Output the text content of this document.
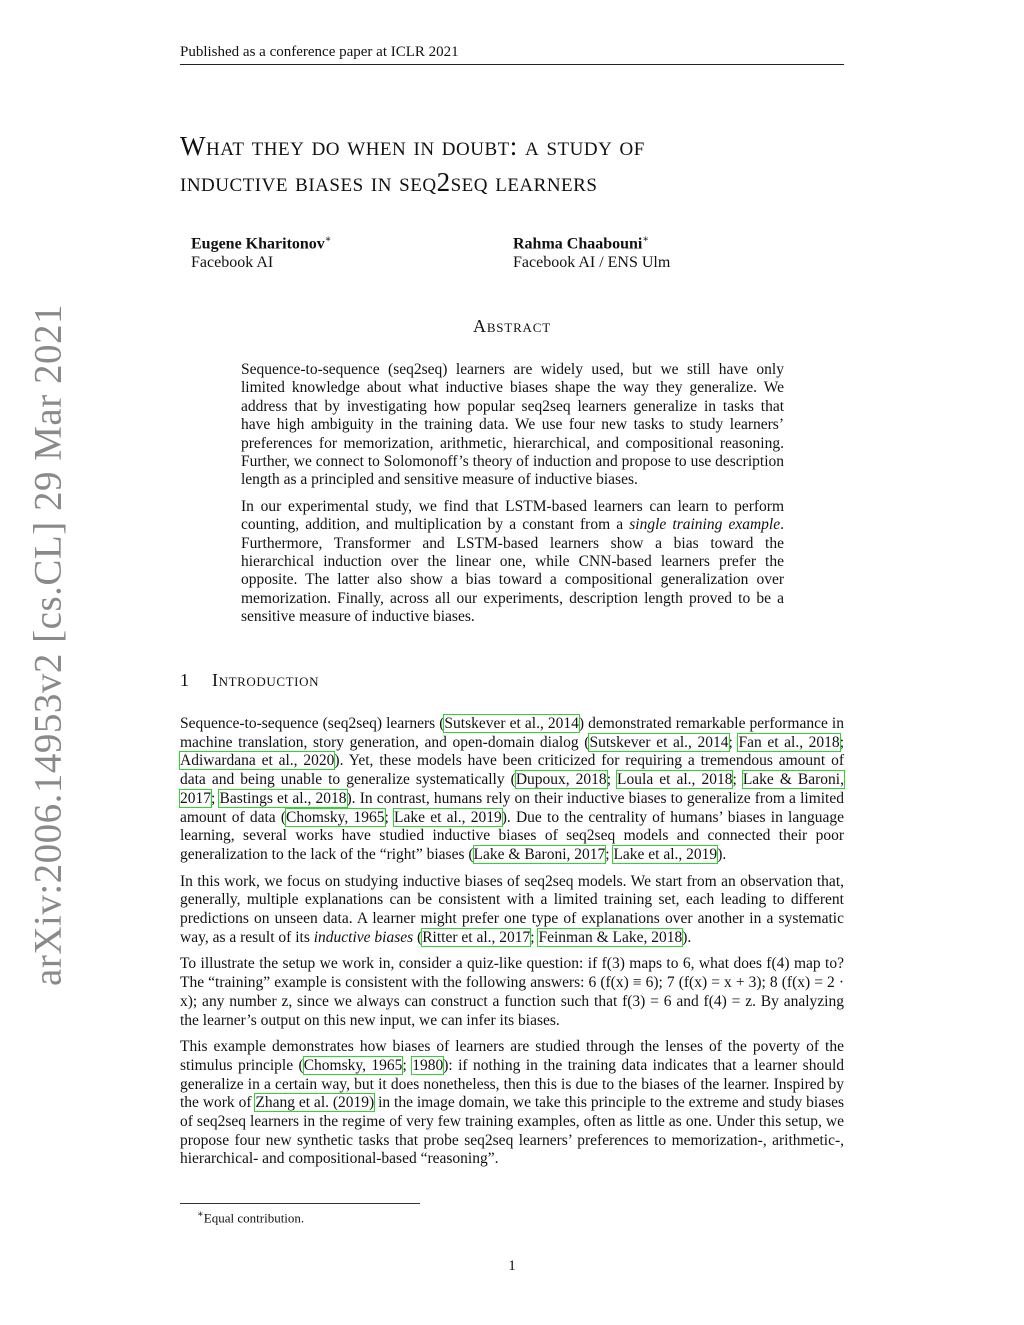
Published as a conference paper at ICLR 2021
arXiv:2006.14953v2 [cs.CL] 29 Mar 2021
What they do when in doubt: a study of
inductive biases in seq2seq learners
Eugene Kharitonov∗
Facebook AI
Rahma Chaabouni∗
Facebook AI / ENS Ulm
Abstract

Sequence-to-sequence (seq2seq) learners are widely used, but we still have only limited knowledge about what inductive biases shape the way they generalize. We address that by investigating how popular seq2seq learners generalize in tasks that have high ambiguity in the training data. We use four new tasks to study learners’ preferences for memorization, arithmetic, hierarchical, and compositional reasoning. Further, we connect to Solomonoff’s theory of induction and propose to use description length as a principled and sensitive measure of inductive biases.

In our experimental study, we find that LSTM-based learners can learn to perform counting, addition, and multiplication by a constant from a single training example. Furthermore, Transformer and LSTM-based learners show a bias toward the hierarchical induction over the linear one, while CNN-based learners prefer the opposite. The latter also show a bias toward a compositional generalization over memorization. Finally, across all our experiments, description length proved to be a sensitive measure of inductive biases.

1 Introduction

Sequence-to-sequence (seq2seq) learners (Sutskever et al., 2014) demonstrated remarkable performance in machine translation, story generation, and open-domain dialog (Sutskever et al., 2014; Fan et al., 2018; Adiwardana et al., 2020). Yet, these models have been criticized for requiring a tremendous amount of data and being unable to generalize systematically (Dupoux, 2018; Loula et al., 2018; Lake & Baroni, 2017; Bastings et al., 2018). In contrast, humans rely on their inductive biases to generalize from a limited amount of data (Chomsky, 1965; Lake et al., 2019). Due to the centrality of humans’ biases in language learning, several works have studied inductive biases of seq2seq models and connected their poor generalization to the lack of the “right” biases (Lake & Baroni, 2017; Lake et al., 2019).

In this work, we focus on studying inductive biases of seq2seq models. We start from an observation that, generally, multiple explanations can be consistent with a limited training set, each leading to different predictions on unseen data. A learner might prefer one type of explanations over another in a systematic way, as a result of its inductive biases (Ritter et al., 2017; Feinman & Lake, 2018).

To illustrate the setup we work in, consider a quiz-like question: if f(3) maps to 6, what does f(4) map to? The “training” example is consistent with the following answers: 6 (f(x) ≡ 6); 7 (f(x) = x + 3); 8 (f(x) = 2 · x); any number z, since we always can construct a function such that f(3) = 6 and f(4) = z. By analyzing the learner’s output on this new input, we can infer its biases.

This example demonstrates how biases of learners are studied through the lenses of the poverty of the stimulus principle (Chomsky, 1965; 1980): if nothing in the training data indicates that a learner should generalize in a certain way, but it does nonetheless, then this is due to the biases of the learner. Inspired by the work of Zhang et al. (2019) in the image domain, we take this principle to the extreme and study biases of seq2seq learners in the regime of very few training examples, often as little as one. Under this setup, we propose four new synthetic tasks that probe seq2seq learners’ preferences to memorization-, arithmetic-, hierarchical- and compositional-based “reasoning”.

∗Equal contribution.
1
